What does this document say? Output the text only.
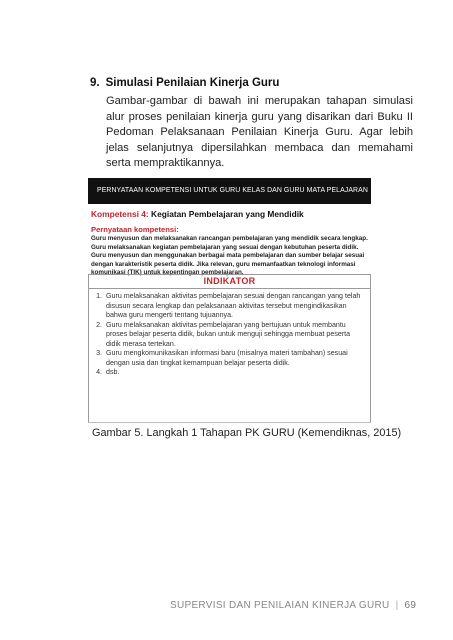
9. Simulasi Penilaian Kinerja Guru
Gambar-gambar di bawah ini merupakan tahapan simulasi alur proses penilaian kinerja guru yang disarikan dari Buku II Pedoman Pelaksanaan Penilaian Kinerja Guru. Agar lebih jelas selanjutnya dipersilahkan membaca dan memahami serta mempraktikannya.
PERNYATAAN KOMPETENSI UNTUK GURU KELAS DAN GURU MATA PELAJARAN
Kompetensi 4: Kegiatan Pembelajaran yang Mendidik
Pernyataan kompetensi:
Guru menyusun dan melaksanakan rancangan pembelajaran yang mendidik secara lengkap. Guru melaksanakan kegiatan pembelajaran yang sesuai dengan kebutuhan peserta didik. Guru menyusun dan menggunakan berbagai mata pembelajaran dan sumber belajar sesuai dengan karakteristik peserta didik. Jika relevan, guru memanfaatkan teknologi informasi komunikasi (TIK) untuk kepentingan pembelajaran.
INDIKATOR
1. Guru melaksanakan aktivitas pembelajaran sesuai dengan rancangan yang telah disusun secara lengkap dan pelaksanaan aktivitas tersebut mengindikasikan bahwa guru mengerti tentang tujuannya.
2. Guru melaksanakan aktivitas pembelajaran yang bertujuan untuk membantu proses belajar peserta didik, bukan untuk menguji sehingga membuat peserta didik merasa tertekan.
3. Guru mengkomunikasikan informasi baru (misalnya materi tambahan) sesuai dengan usia dan tingkat kemampuan belajar peserta didik.
4. dsb.
Gambar 5. Langkah 1 Tahapan PK GURU (Kemendiknas, 2015)
SUPERVISI DAN PENILAIAN KINERJA GURU | 69
